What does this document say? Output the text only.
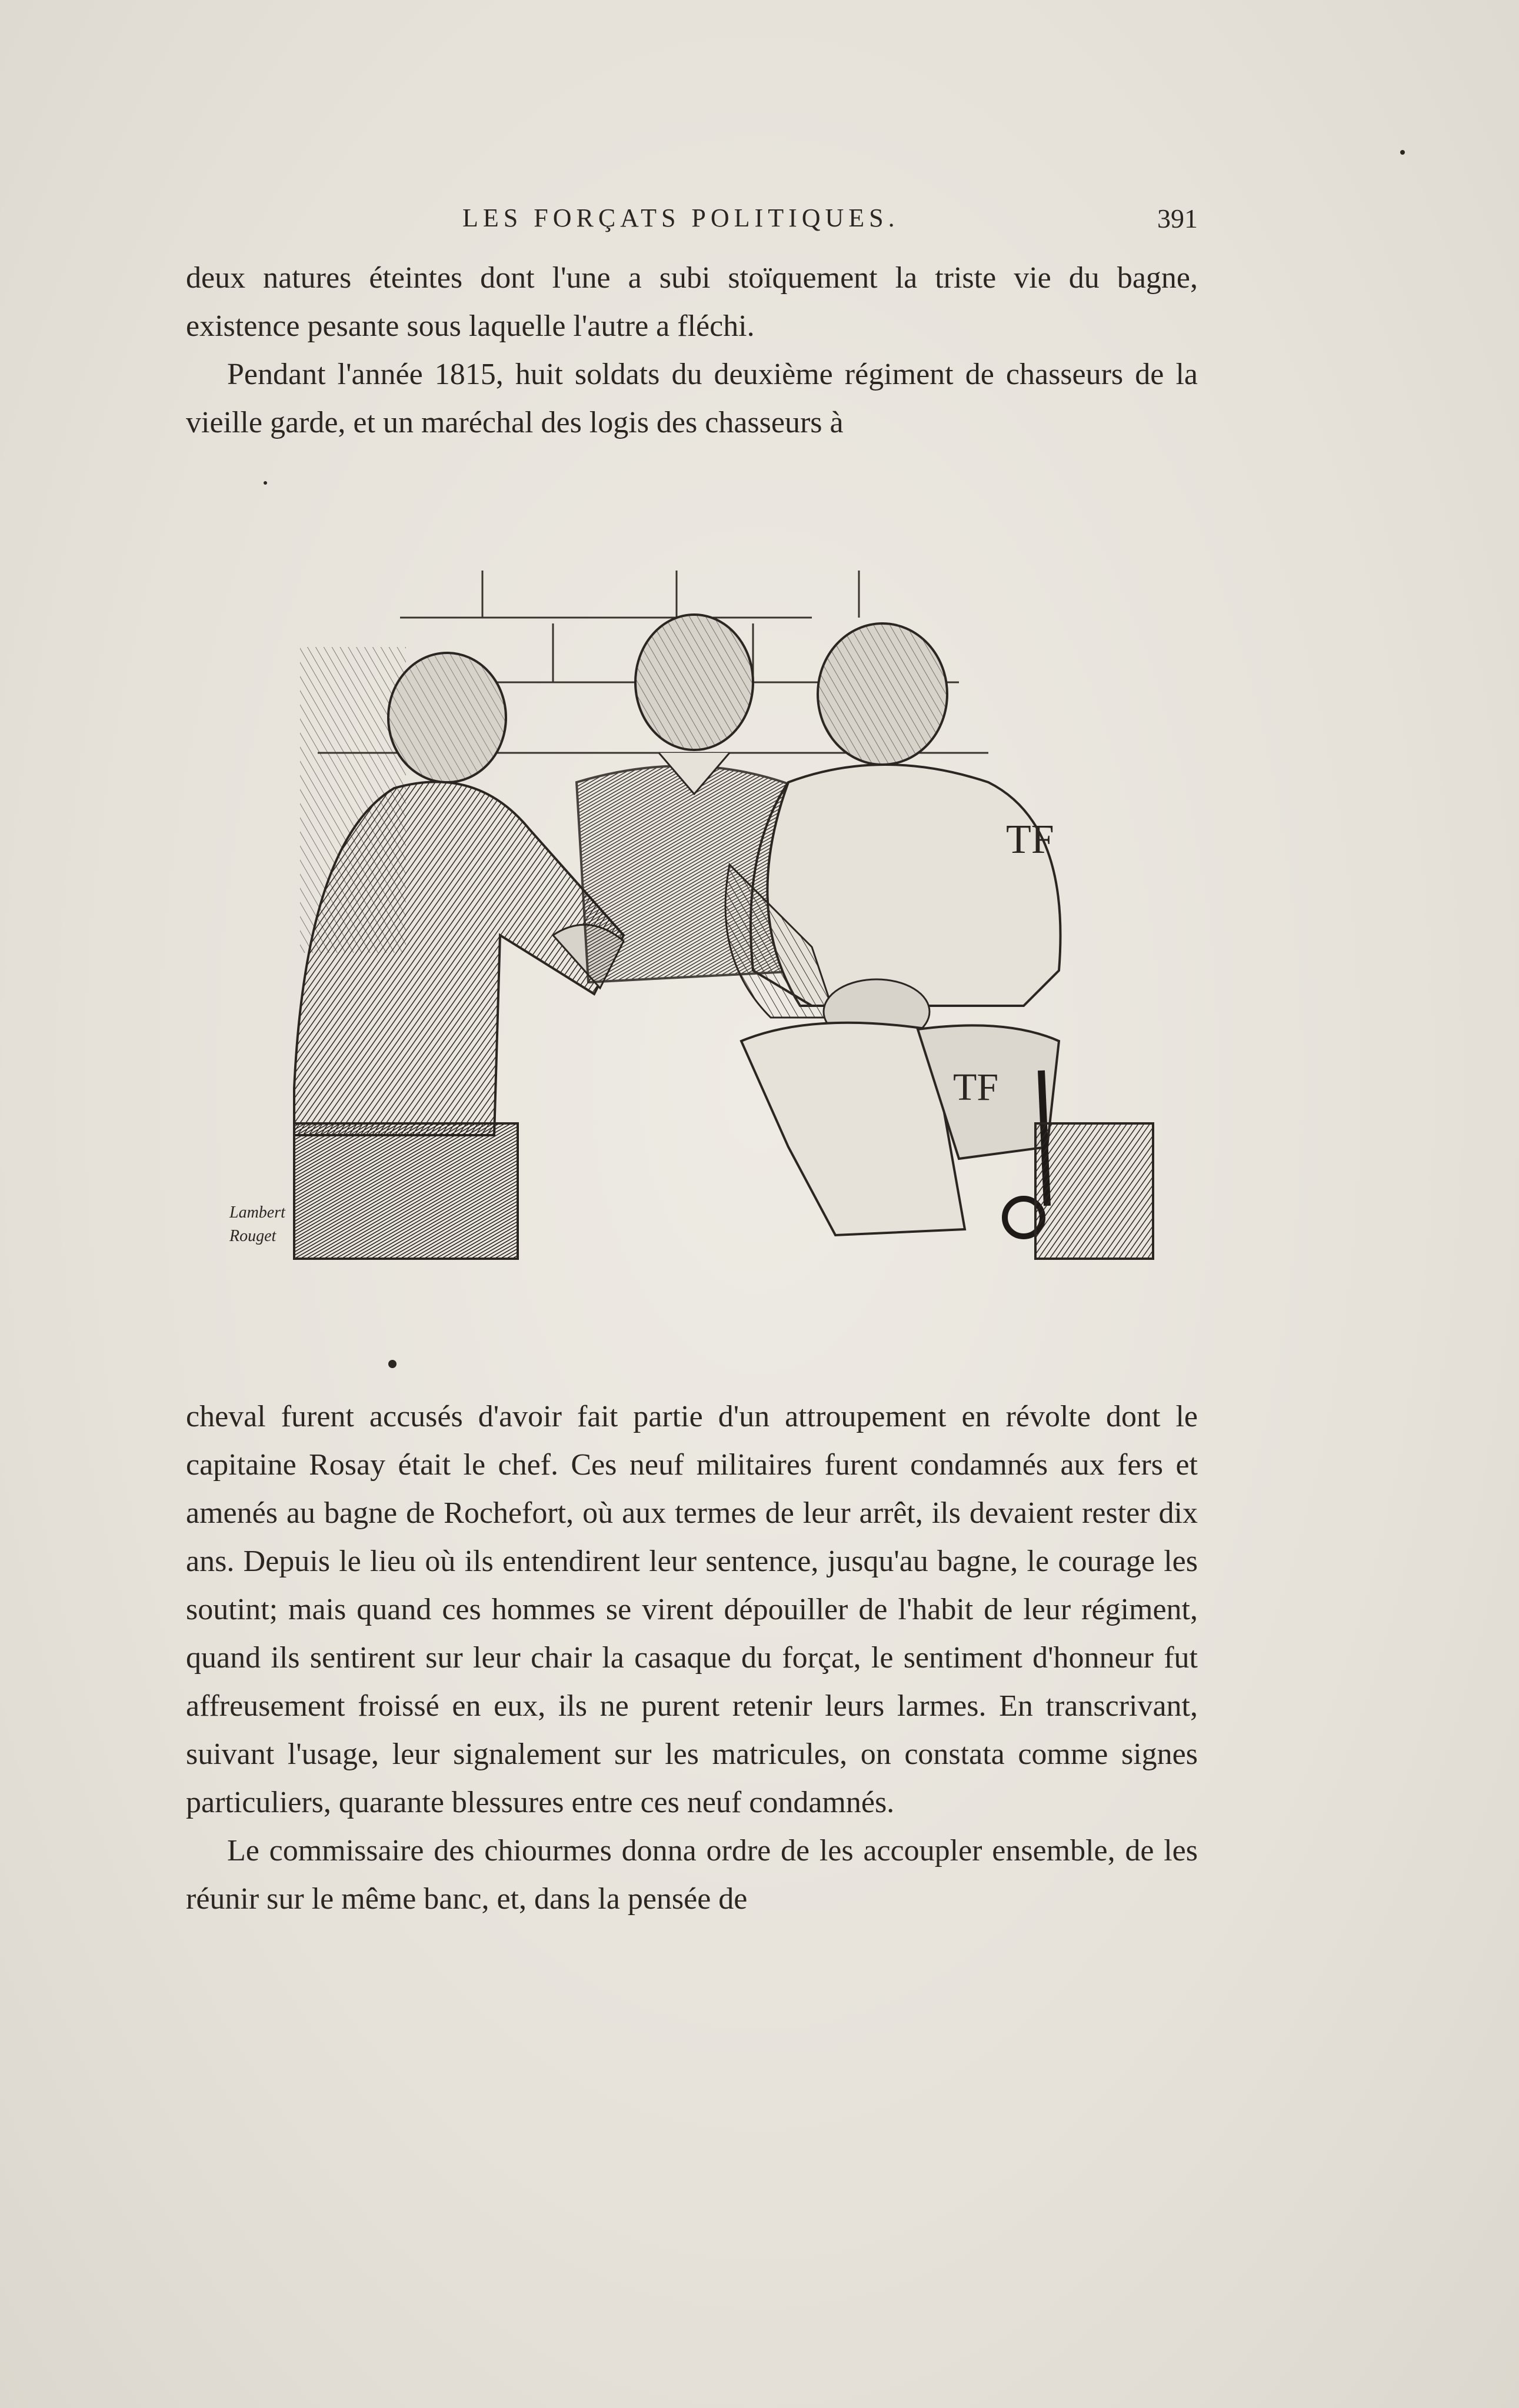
LES FORÇATS POLITIQUES.	391

deux natures éteintes dont l'une a subi stoïquement la triste vie du bagne, existence pesante sous laquelle l'autre a fléchi.

Pendant l'année 1815, huit soldats du deuxième régiment de chasseurs de la vieille garde, et un maréchal des logis des chasseurs à

TF
TF
Lambert
Rouget

cheval furent accusés d'avoir fait partie d'un attroupement en révolte dont le capitaine Rosay était le chef. Ces neuf militaires furent condamnés aux fers et amenés au bagne de Rochefort, où aux termes de leur arrêt, ils devaient rester dix ans. Depuis le lieu où ils entendirent leur sentence, jusqu'au bagne, le courage les soutint; mais quand ces hommes se virent dépouiller de l'habit de leur régiment, quand ils sentirent sur leur chair la casaque du forçat, le sentiment d'honneur fut affreusement froissé en eux, ils ne purent retenir leurs larmes. En transcrivant, suivant l'usage, leur signalement sur les matricules, on constata comme signes particuliers, quarante blessures entre ces neuf condamnés.

Le commissaire des chiourmes donna ordre de les accoupler ensemble, de les réunir sur le même banc, et, dans la pensée de
